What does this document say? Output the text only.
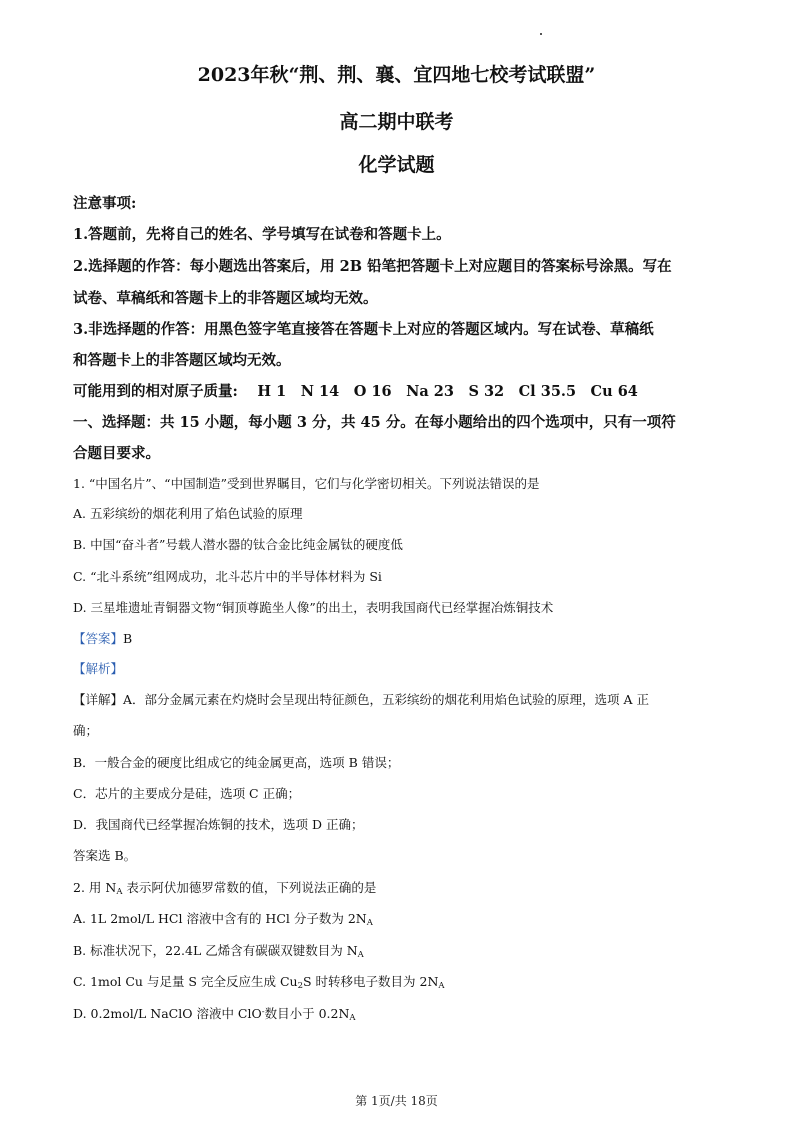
2023年秋“荆、荆、襄、宜四地七校考试联盟”
高二期中联考
化学试题
注意事项:
1.答题前，先将自己的姓名、学号填写在试卷和答题卡上。
2.选择题的作答：每小题选出答案后，用 2B 铅笔把答题卡上对应题目的答案标号涂黑。写在
试卷、草稿纸和答题卡上的非答题区域均无效。
3.非选择题的作答：用黑色签字笔直接答在答题卡上对应的答题区域内。写在试卷、草稿纸
和答题卡上的非答题区域均无效。
可能用到的相对原子质量:　 H 1　N 14　O 16　Na 23　S 32　Cl 35.5　Cu 64
一、选择题：共 15 小题，每小题 3 分，共 45 分。在每小题给出的四个选项中，只有一项符
合题目要求。
1. “中国名片”、“中国制造”受到世界瞩目，它们与化学密切相关。下列说法错误的是
A. 五彩缤纷的烟花利用了焰色试验的原理
B. 中国“奋斗者”号载人潜水器的钛合金比纯金属钛的硬度低
C. “北斗系统”组网成功，北斗芯片中的半导体材料为 Si
D. 三星堆遗址青铜器文物“铜顶尊跪坐人像”的出土，表明我国商代已经掌握冶炼铜技术
【答案】B
【解析】
【详解】A．部分金属元素在灼烧时会呈现出特征颜色，五彩缤纷的烟花利用焰色试验的原理，选项 A 正
确；
B．一般合金的硬度比组成它的纯金属更高，选项 B 错误；
C．芯片的主要成分是硅，选项 C 正确；
D．我国商代已经掌握冶炼铜的技术，选项 D 正确；
答案选 B。
2. 用 $N_A$ 表示阿伏加德罗常数的值，下列说法正确的是
A. 1L 2mol/L HCl 溶液中含有的 HCl 分子数为 $2N_A$
B. 标准状况下，22.4L 乙烯含有碳碳双键数目为 $N_A$
C. 1mol Cu 与足量 S 完全反应生成 $Cu_2S$ 时转移电子数目为 $2N_A$
D. 0.2mol/L NaClO 溶液中 ClO-数目小于 $0.2N_A$
第 1页/共 18页
